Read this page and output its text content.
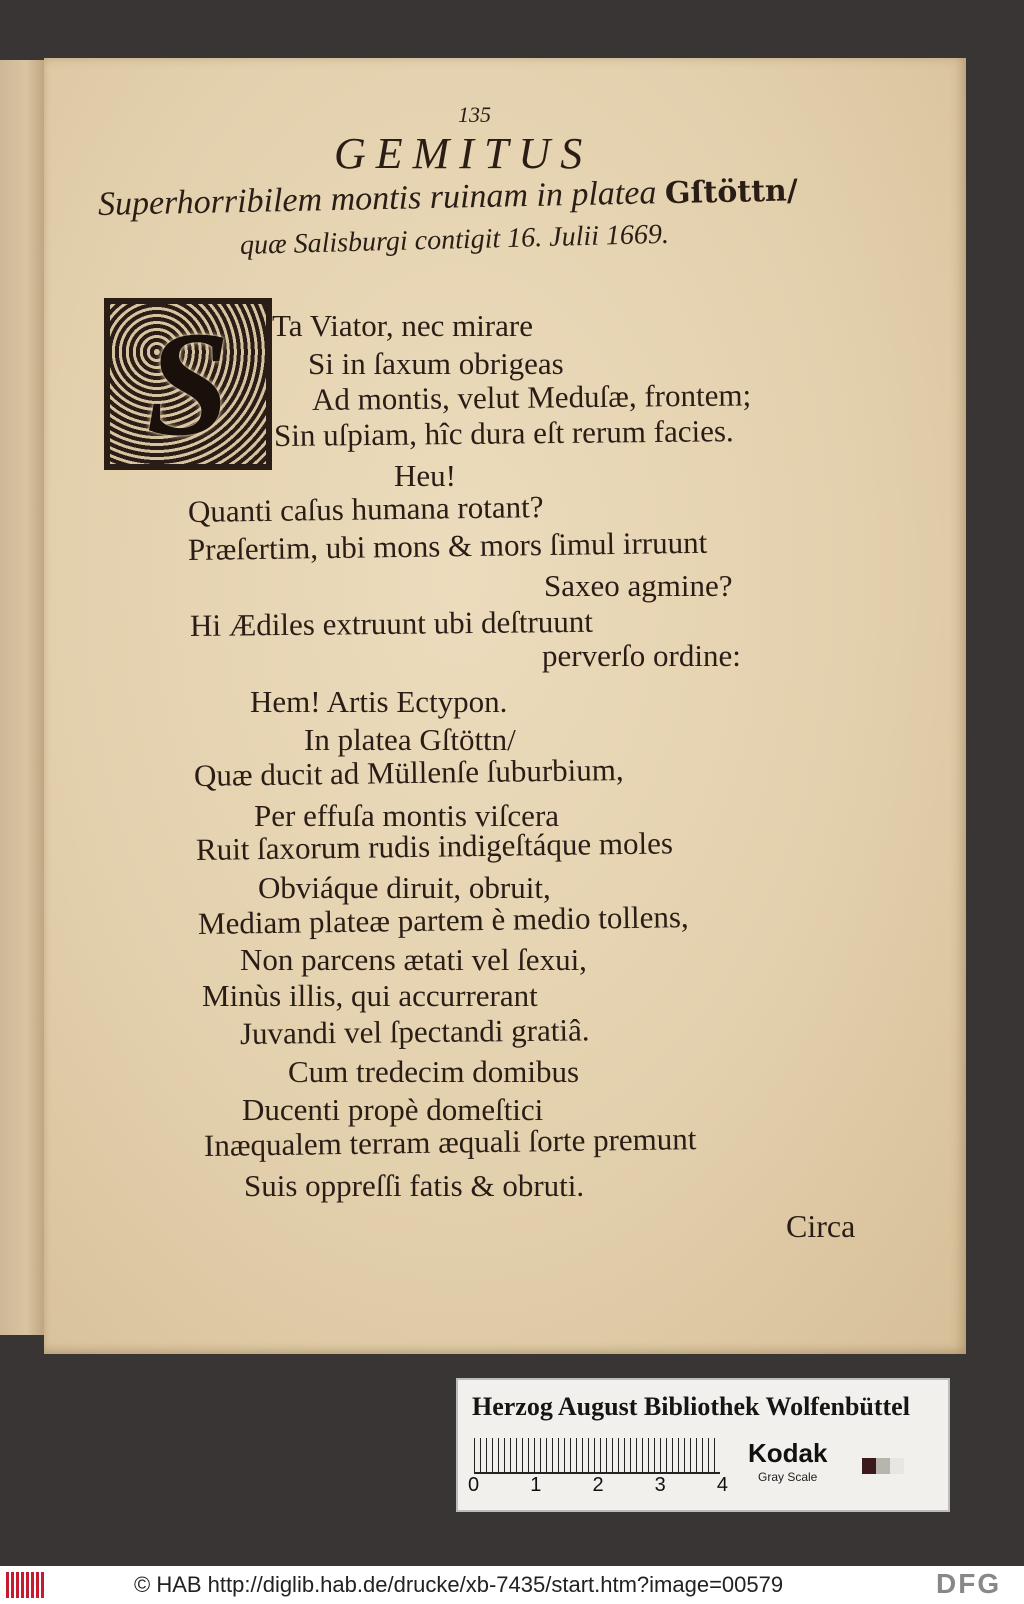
135
GEMITUS
Superhorribilem montis ruinam in platea Gſtöttn/
quæ Salisburgi contigit 16. Julii 1669.
S Ta Viator, nec mirare
Si in ſaxum obrigeas
Ad montis, velut Meduſæ, frontem;
Sin uſpiam, hîc dura eſt rerum facies.
Heu!
Quanti caſus humana rotant?
Præſertim, ubi mons & mors ſimul irruunt
Saxeo agmine?
Hi Ædiles extruunt ubi deſtruunt
perverſo ordine:
Hem! Artis Ectypon.
In platea Gſtöttn/
Quæ ducit ad Müllenſe ſuburbium,
Per effuſa montis viſcera
Ruit ſaxorum rudis indigeſtáque moles
Obviáque diruit, obruit,
Mediam plateæ partem è medio tollens,
Non parcens ætati vel ſexui,
Minùs illis, qui accurrerant
Juvandi vel ſpectandi gratiâ.
Cum tredecim domibus
Ducenti propè domeſtici
Inæqualem terram æquali ſorte premunt
Suis oppreſſi fatis & obruti.
Circa
Herzog August Bibliothek Wolfenbüttel
0	1	2	3	4
Kodak
Gray Scale
© HAB http://diglib.hab.de/drucke/xb-7435/start.htm?image=00579	DFG
